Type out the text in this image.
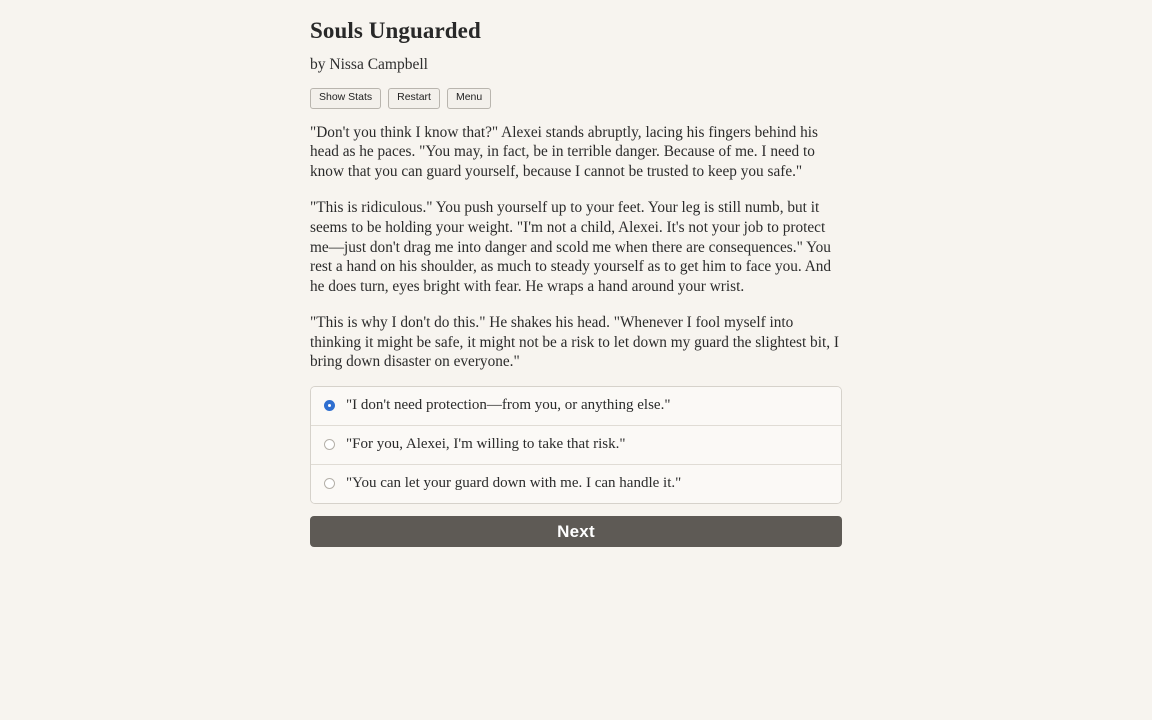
Souls Unguarded
by Nissa Campbell
Show Stats	Restart	Menu

"Don't you think I know that?" Alexei stands abruptly, lacing his fingers behind his head as he paces. "You may, in fact, be in terrible danger. Because of me. I need to know that you can guard yourself, because I cannot be trusted to keep you safe."

"This is ridiculous." You push yourself up to your feet. Your leg is still numb, but it seems to be holding your weight. "I'm not a child, Alexei. It's not your job to protect me—just don't drag me into danger and scold me when there are consequences." You rest a hand on his shoulder, as much to steady yourself as to get him to face you. And he does turn, eyes bright with fear. He wraps a hand around your wrist.

"This is why I don't do this." He shakes his head. "Whenever I fool myself into thinking it might be safe, it might not be a risk to let down my guard the slightest bit, I bring down disaster on everyone."

"I don't need protection—from you, or anything else."
"For you, Alexei, I'm willing to take that risk."
"You can let your guard down with me. I can handle it."
Next
